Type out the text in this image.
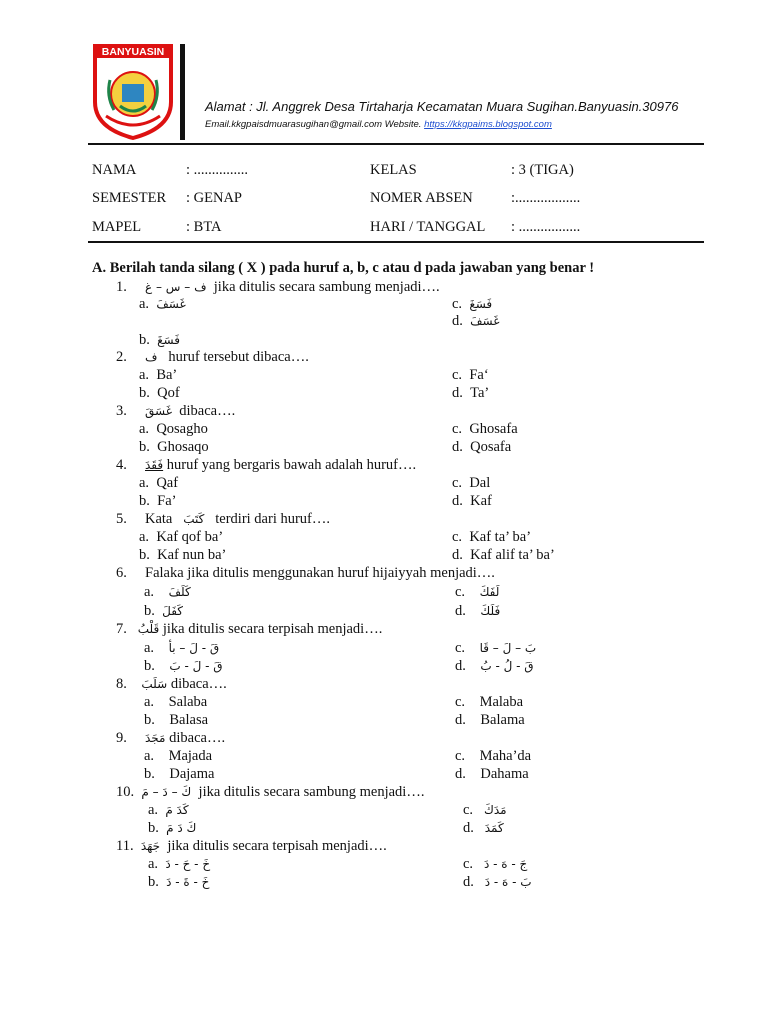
BANYUASIN
Alamat : Jl. Anggrek Desa Tirtaharja Kecamatan Muara Sugihan.Banyuasin.30976
Email.kkgpaisdmuarasugihan@gmail.com Website. https://kkgpaims.blogspot.com
NAMA	: ...............	KELAS	: 3 (TIGA)
SEMESTER : GENAP	NOMER ABSEN	:..................
MAPEL	: BTA	HARI / TANGGAL : .................
A. Berilah tanda silang ( X ) pada huruf a, b, c atau d pada jawaban yang benar !
1. ف – س – غ jika ditulis secara sambung menjadi….
a. غَسَفَ	c. فَسَغَ
d. غَسَفَ
b. فَسَغَ
2. ف huruf tersebut dibaca….
a. Ba’	c. Fa‘
b. Qof	d. Ta’
3. غَسَقَ dibaca….
a. Qosagho	c. Ghosafa
b. Ghosaqo	d. Qosafa
4. فَقَدَ huruf yang bergaris bawah adalah huruf….
a. Qaf	c. Dal
b. Fa’	d. Kaf
5. Kata كَتَبَ terdiri dari huruf….
a. Kaf qof ba’	c. Kaf ta’ ba’
b. Kaf nun ba’	d. Kaf alif ta’ ba’
6. Falaka jika ditulis menggunakan huruf hijaiyyah menjadi….
a. كَلَفَ	c. لَفَكَ
b. كَفَلَ	d. فَلَكَ
7. قَلْبُ jika ditulis secara terpisah menjadi….
a. قَ - لَ – بأ	c. بَ – لَ – قَا
b. قَ - لَ - بَ	d. قَ - لُ - بُ
8. سَلَبَ dibaca….
a. Salaba	c. Malaba
b. Balasa	d. Balama
9. مَجَدَ dibaca….
a. Majada	c. Maha’da
b. Dajama	d. Dahama
10. كَ – دَ – مَ jika ditulis secara sambung menjadi….
a. كَدَ مَ	c. مَدَكَ
b. كَ دَ مَ	d. كَمَدَ
11. جَهَدَ jika ditulis secara terpisah menjadi….
a. خَ - حَ - دَ	c. جَ - هَ - دَ
b. خَ - ةَ - دَ	d. بَ - هَ - دَ
